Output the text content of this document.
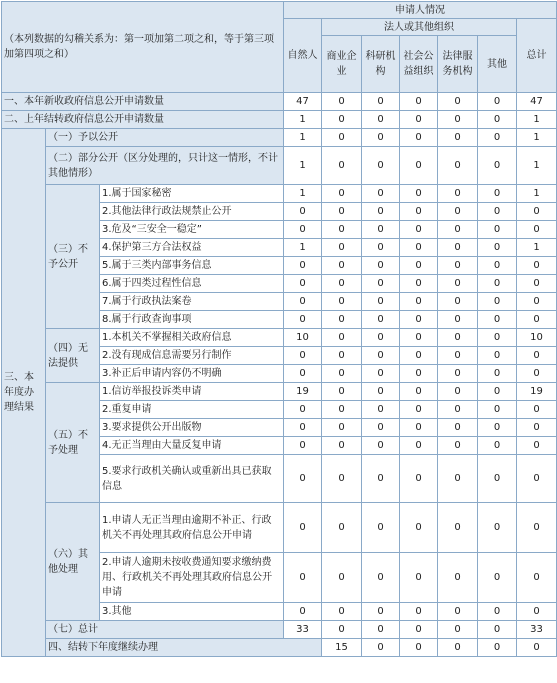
（本列数据的勾稽关系为：第一项加第二项之和，等于第三项加第四项之和）			申请人情况							
			自然人	法人或其他组织					总计	
				商业企业	科研机构	社会公益组织	法律服务机构	其他		
一、本年新收政府信息公开申请数量			47	0	0	0	0	0	47	
二、上年结转政府信息公开申请数量			1	0	0	0	0	0	1	
三、本年度办理结果	（一）予以公开		1	0	0	0	0	0	1	
	（二）部分公开（区分处理的，只计这一情形，不计其他情形）		1	0	0	0	0	0	1	
	（三）不予公开	1.属于国家秘密	1	0	0	0	0	0	1	
		2.其他法律行政法规禁止公开	0	0	0	0	0	0	0	
		3.危及“三安全一稳定”	0	0	0	0	0	0	0	
		4.保护第三方合法权益	1	0	0	0	0	0	1	
		5.属于三类内部事务信息	0	0	0	0	0	0	0	
		6.属于四类过程性信息	0	0	0	0	0	0	0	
		7.属于行政执法案卷	0	0	0	0	0	0	0	
		8.属于行政查询事项	0	0	0	0	0	0	0	
	（四）无法提供	1.本机关不掌握相关政府信息	10	0	0	0	0	0	10	
		2.没有现成信息需要另行制作	0	0	0	0	0	0	0	
		3.补正后申请内容仍不明确	0	0	0	0	0	0	0	
	（五）不予处理	1.信访举报投诉类申请	19	0	0	0	0	0	19	
		2.重复申请	0	0	0	0	0	0	0	
		3.要求提供公开出版物	0	0	0	0	0	0	0	
		4.无正当理由大量反复申请	0	0	0	0	0	0	0	
		5.要求行政机关确认或重新出具已获取信息	0	0	0	0	0	0	0	
	（六）其他处理	1.申请人无正当理由逾期不补正、行政机关不再处理其政府信息公开申请	0	0	0	0	0	0	0	
		2.申请人逾期未按收费通知要求缴纳费用、行政机关不再处理其政府信息公开申请	0	0	0	0	0	0	0	
		3.其他	0	0	0	0	0	0	0	
	（七）总计		33	0	0	0	0	0	33	
	四、结转下年度继续办理			15	0	0	0	0	0	
